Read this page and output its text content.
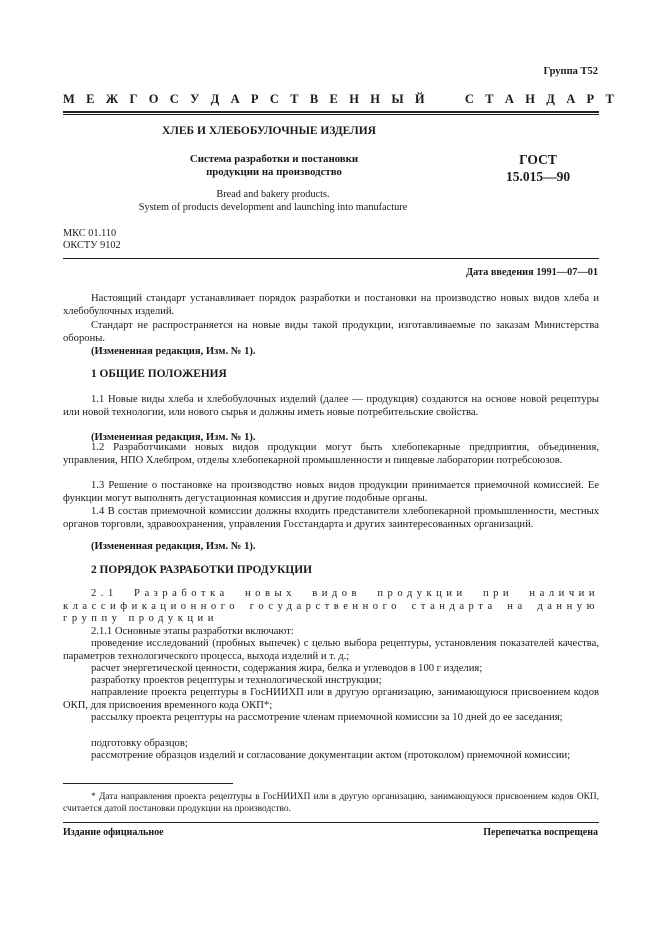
Группа Т52
М Е Ж Г О С У Д А Р С Т В Е Н Н Ы Й     С Т А Н Д А Р Т
ХЛЕБ И ХЛЕБОБУЛОЧНЫЕ ИЗДЕЛИЯ
Система разработки и постановки
продукции на производство
ГОСТ
15.015—90
Bread and bakery products.
System of products development and launching into manufacture
МКС 01.110
ОКСТУ 9102
Дата введения 1991—07—01

Настоящий стандарт устанавливает порядок разработки и постановки на производство новых видов хлеба и хлебобулочных изделий.

Стандарт не распространяется на новые виды такой продукции, изготавливаемые по заказам Министерства обороны.

(Измененная редакция, Изм. № 1).

1 ОБЩИЕ ПОЛОЖЕНИЯ

1.1 Новые виды хлеба и хлебобулочных изделий (далее — продукция) создаются на основе новой рецептуры или новой технологии, или нового сырья и должны иметь новые потребительские свойства.

(Измененная редакция, Изм. № 1).

1.2 Разработчиками новых видов продукции могут быть хлебопекарные предприятия, объединения, управления, НПО Хлебпром, отделы хлебопекарной промышленности и пищевые лаборатории потребсоюзов.

1.3 Решение о постановке на производство новых видов продукции принимается приемочной комиссией. Ее функции могут выполнять дегустационная комиссия и другие подобные органы.

1.4 В состав приемочной комиссии должны входить представители хлебопекарной промышленности, местных органов торговли, здравоохранения, управления Госстандарта и других заинтересованных организаций.

(Измененная редакция, Изм. № 1).

2 ПОРЯДОК РАЗРАБОТКИ ПРОДУКЦИИ

2.1 Разработка новых видов продукции при наличии классификационного государственного стандарта на данную группу продукции

2.1.1 Основные этапы разработки включают:

проведение исследований (пробных выпечек) с целью выбора рецептуры, установления показателей качества, параметров технологического процесса, выхода изделий и т. д.;

расчет энергетической ценности, содержания жира, белка и углеводов в 100 г изделия;

разработку проектов рецептуры и технологической инструкции;

направление проекта рецептуры в ГосНИИХП или в другую организацию, занимающуюся присвоением кодов ОКП, для присвоения временного кода ОКП*;

рассылку проекта рецептуры на рассмотрение членам приемочной комиссии за 10 дней до ее заседания;

подготовку образцов;

рассмотрение образцов изделий и согласование документации актом (протоколом) приемочной комиссии;

* Дата направления проекта рецептуры в ГосНИИХП или в другую организацию, занимающуюся присвоением кодов ОКП, считается датой постановки продукции на производство.

Издание официальное	Перепечатка воспрещена
